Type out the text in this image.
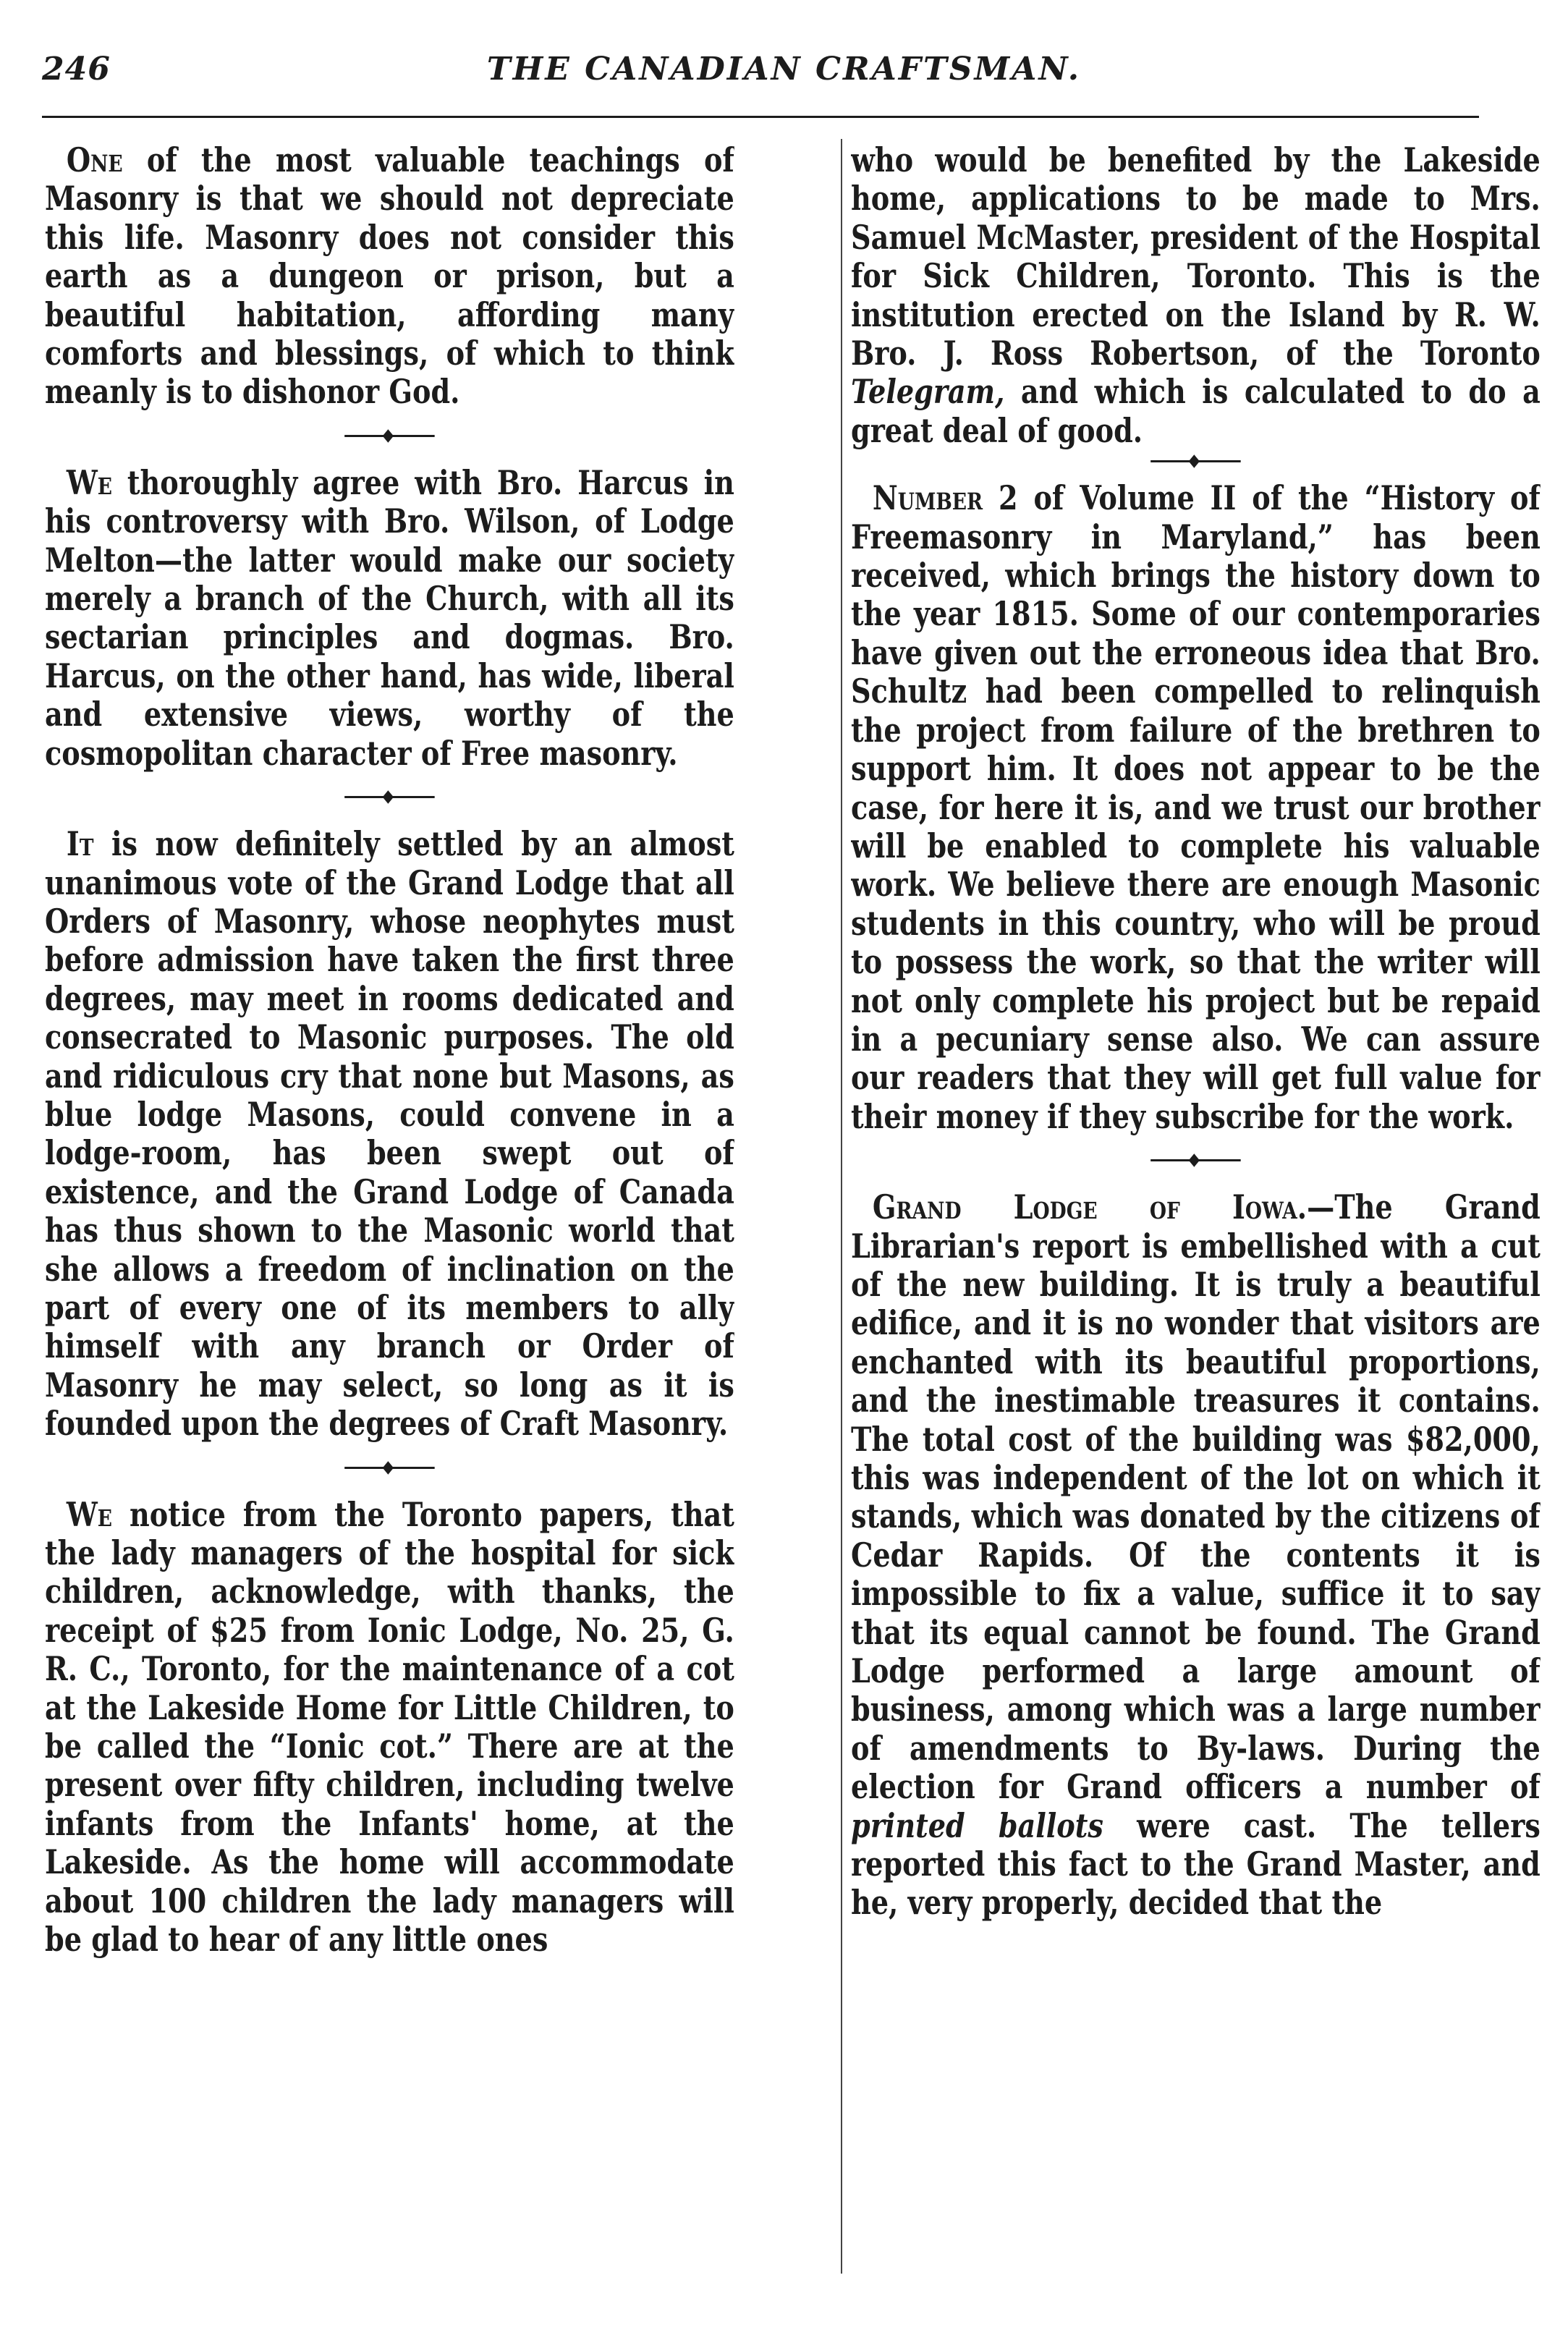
246	THE CANADIAN CRAFTSMAN.

One of the most valuable teachings of Masonry is that we should not depreciate this life. Masonry does not consider this earth as a dungeon or prison, but a beautiful habitation, affording many comforts and blessings, of which to think meanly is to dishonor God.

We thoroughly agree with Bro. Harcus in his controversy with Bro. Wilson, of Lodge Melton—the latter would make our society merely a branch of the Church, with all its sectarian principles and dogmas. Bro. Harcus, on the other hand, has wide, liberal and extensive views, worthy of the cosmopolitan character of Free masonry.

It is now definitely settled by an almost unanimous vote of the Grand Lodge that all Orders of Masonry, whose neophytes must before admission have taken the first three degrees, may meet in rooms dedicated and consecrated to Masonic purposes. The old and ridiculous cry that none but Masons, as blue lodge Masons, could convene in a lodge-room, has been swept out of existence, and the Grand Lodge of Canada has thus shown to the Masonic world that she allows a freedom of inclination on the part of every one of its members to ally himself with any branch or Order of Masonry he may select, so long as it is founded upon the degrees of Craft Masonry.

We notice from the Toronto papers, that the lady managers of the hospital for sick children, acknowledge, with thanks, the receipt of $25 from Ionic Lodge, No. 25, G. R. C., Toronto, for the maintenance of a cot at the Lakeside Home for Little Children, to be called the “Ionic cot.” There are at the present over fifty children, including twelve infants from the Infants' home, at the Lakeside. As the home will accommodate about 100 children the lady managers will be glad to hear of any little ones

who would be benefited by the Lakeside home, applications to be made to Mrs. Samuel McMaster, president of the Hospital for Sick Children, Toronto. This is the institution erected on the Island by R. W. Bro. J. Ross Robertson, of the Toronto Telegram, and which is calculated to do a great deal of good.

Number 2 of Volume II of the “History of Freemasonry in Maryland,” has been received, which brings the history down to the year 1815. Some of our contemporaries have given out the erroneous idea that Bro. Schultz had been compelled to relinquish the project from failure of the brethren to support him. It does not appear to be the case, for here it is, and we trust our brother will be enabled to complete his valuable work. We believe there are enough Masonic students in this country, who will be proud to possess the work, so that the writer will not only complete his project but be repaid in a pecuniary sense also. We can assure our readers that they will get full value for their money if they subscribe for the work.

Grand Lodge of Iowa.—The Grand Librarian's report is embellished with a cut of the new building. It is truly a beautiful edifice, and it is no wonder that visitors are enchanted with its beautiful proportions, and the inestimable treasures it contains. The total cost of the building was $82,000, this was independent of the lot on which it stands, which was donated by the citizens of Cedar Rapids. Of the contents it is impossible to fix a value, suffice it to say that its equal cannot be found. The Grand Lodge performed a large amount of business, among which was a large number of amendments to By-laws. During the election for Grand officers a number of printed ballots were cast. The tellers reported this fact to the Grand Master, and he, very properly, decided that the
